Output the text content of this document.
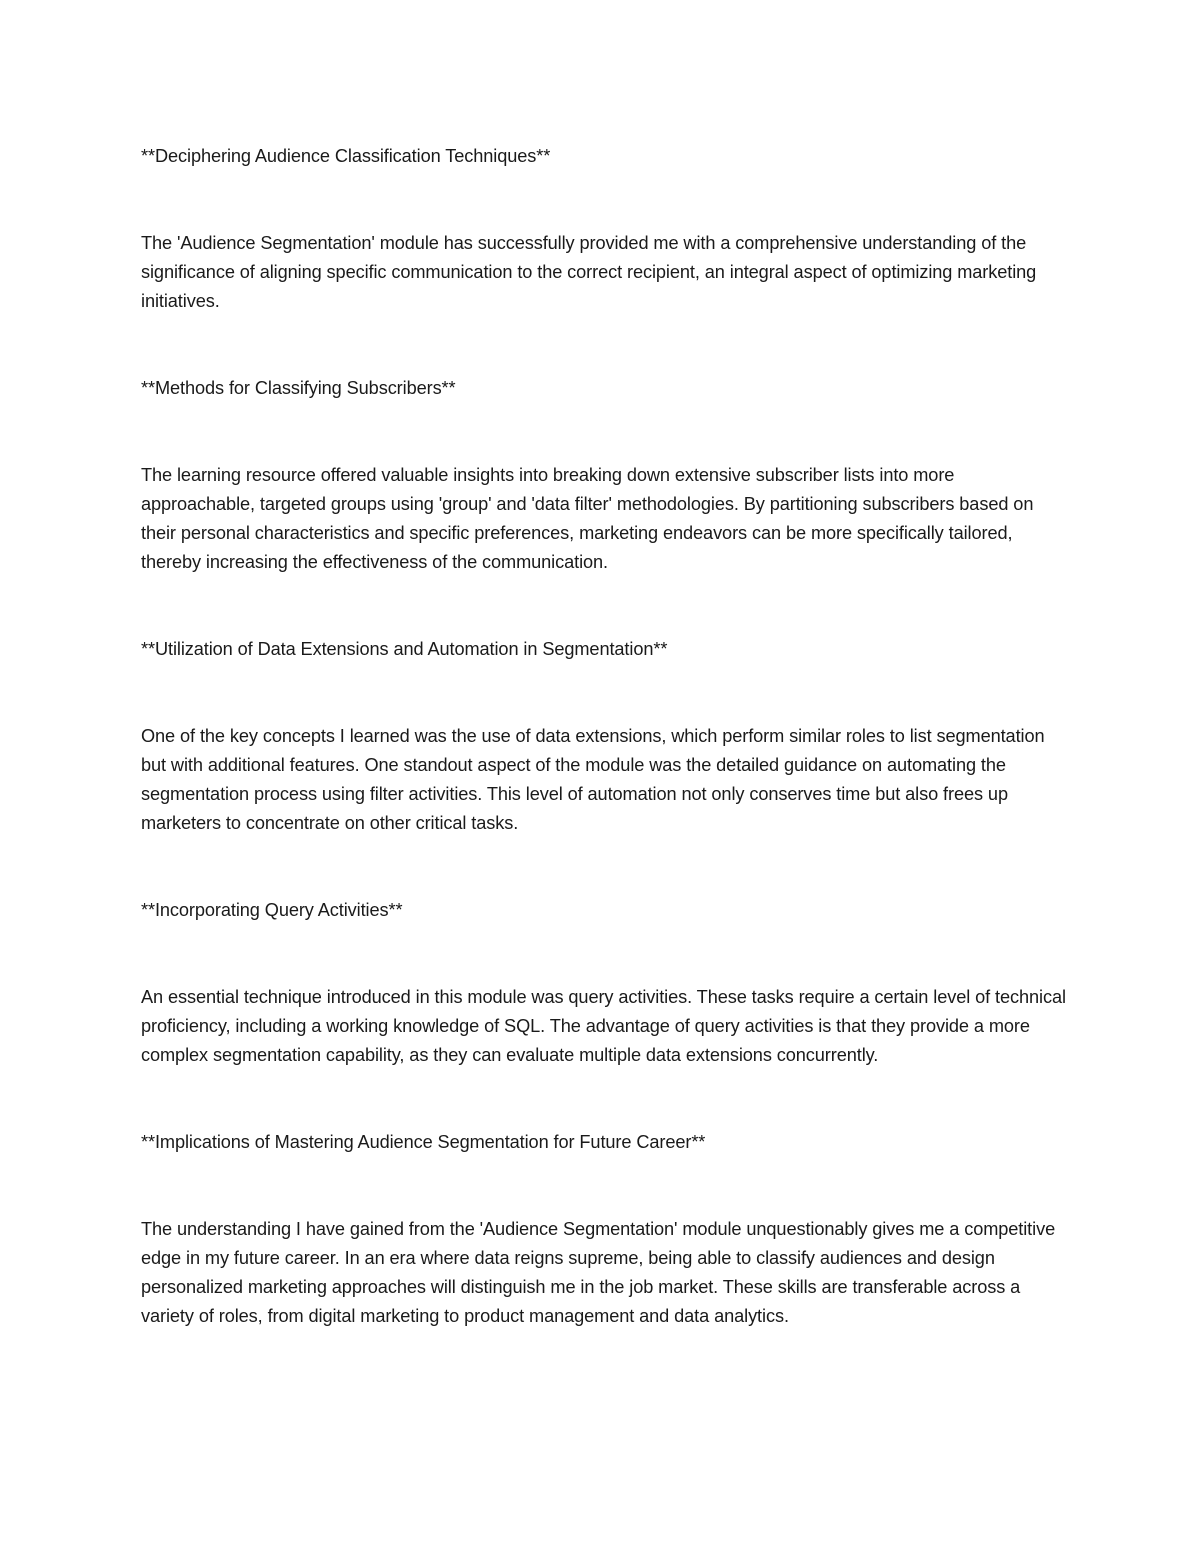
**Deciphering Audience Classification Techniques**

The 'Audience Segmentation' module has successfully provided me with a comprehensive understanding of the significance of aligning specific communication to the correct recipient, an integral aspect of optimizing marketing initiatives.

**Methods for Classifying Subscribers**

The learning resource offered valuable insights into breaking down extensive subscriber lists into more approachable, targeted groups using 'group' and 'data filter' methodologies. By partitioning subscribers based on their personal characteristics and specific preferences, marketing endeavors can be more specifically tailored, thereby increasing the effectiveness of the communication.

**Utilization of Data Extensions and Automation in Segmentation**

One of the key concepts I learned was the use of data extensions, which perform similar roles to list segmentation but with additional features. One standout aspect of the module was the detailed guidance on automating the segmentation process using filter activities. This level of automation not only conserves time but also frees up marketers to concentrate on other critical tasks.

**Incorporating Query Activities**

An essential technique introduced in this module was query activities. These tasks require a certain level of technical proficiency, including a working knowledge of SQL. The advantage of query activities is that they provide a more complex segmentation capability, as they can evaluate multiple data extensions concurrently.

**Implications of Mastering Audience Segmentation for Future Career**

The understanding I have gained from the 'Audience Segmentation' module unquestionably gives me a competitive edge in my future career. In an era where data reigns supreme, being able to classify audiences and design personalized marketing approaches will distinguish me in the job market. These skills are transferable across a variety of roles, from digital marketing to product management and data analytics.
